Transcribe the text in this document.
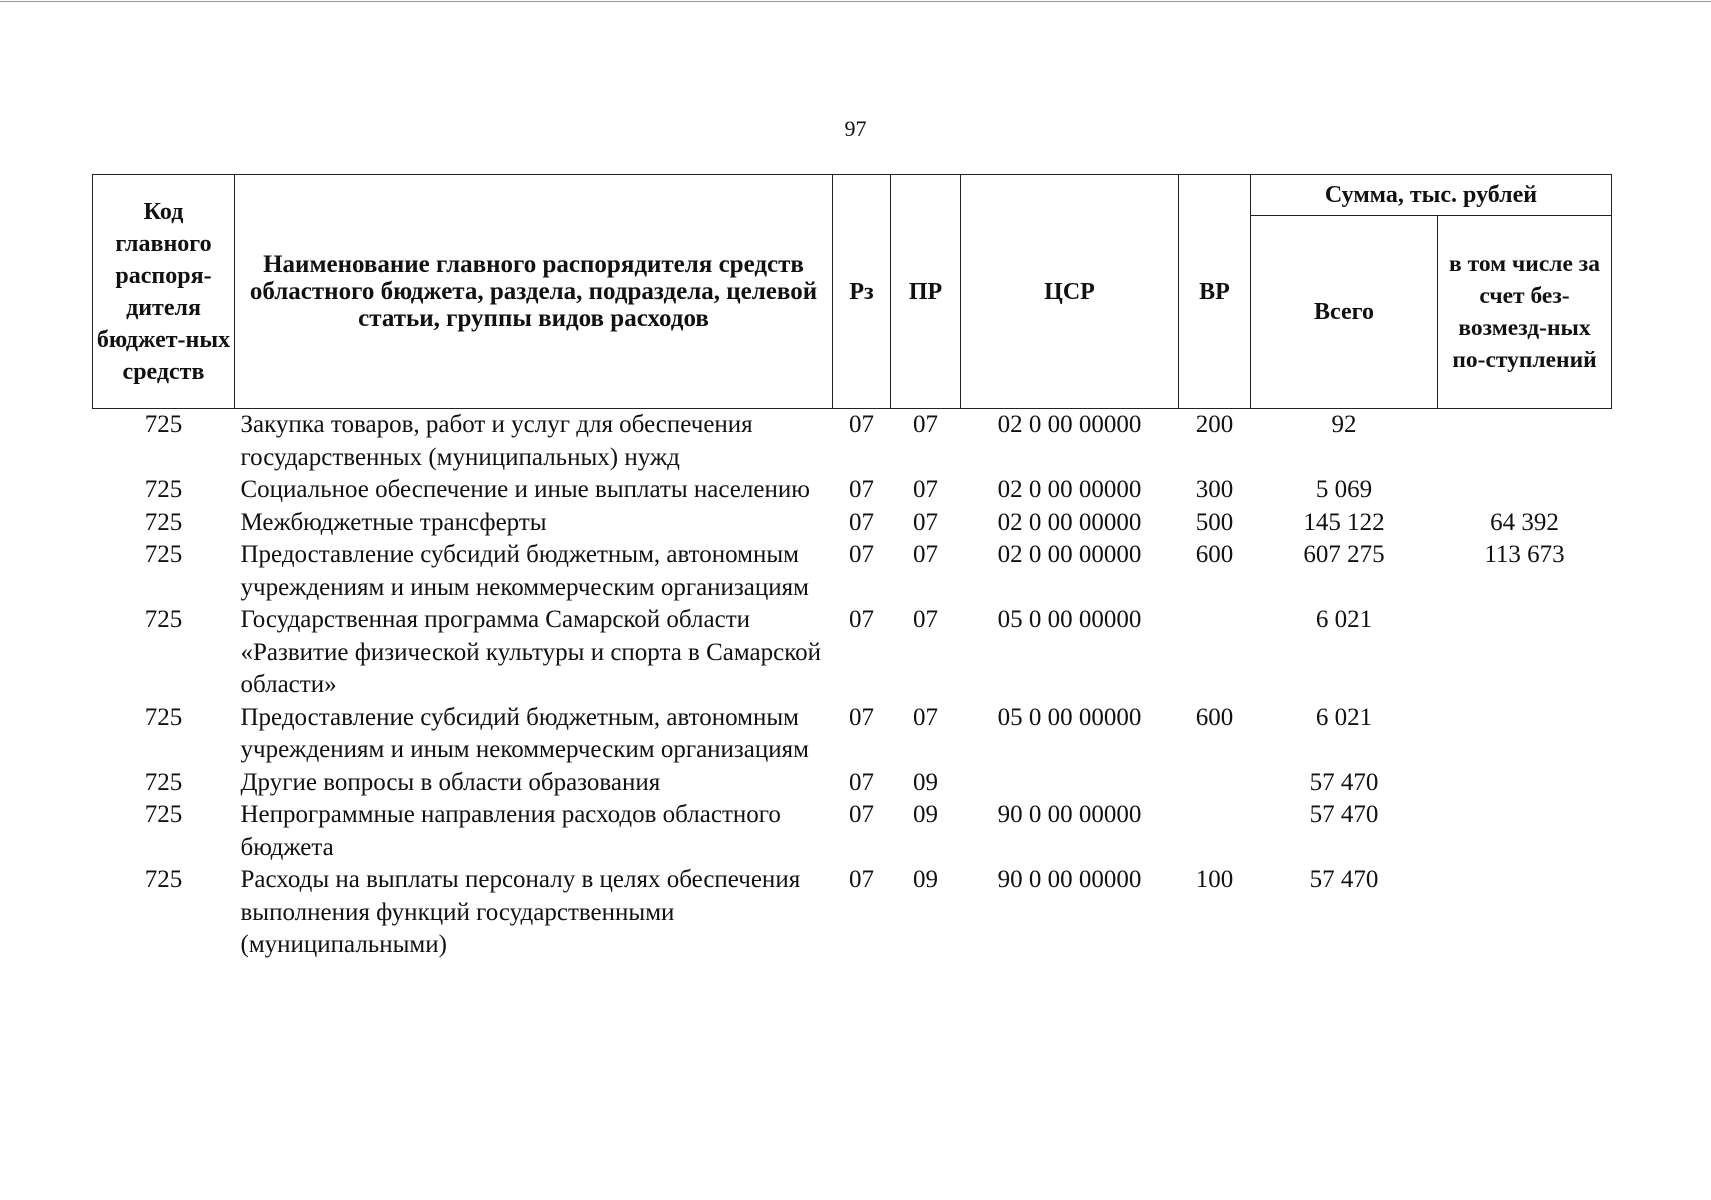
97
Код главного распоря-дителя бюджет-ных средств	Наименование главного распорядителя средств областного бюджета, раздела, подраздела, целевой статьи, группы видов расходов	Рз	ПР	ЦСР	ВР	Сумма, тыс. рублей	
						Всего	в том числе за счет без-возмезд-ных по-ступлений
725	Закупка товаров, работ и услуг для обеспечения государственных (муниципальных) нужд	07	07	02 0 00 00000	200	92	
725	Социальное обеспечение и иные выплаты населению	07	07	02 0 00 00000	300	5 069	
725	Межбюджетные трансферты	07	07	02 0 00 00000	500	145 122	64 392
725	Предоставление субсидий бюджетным, автономным учреждениям и иным некоммерческим организациям	07	07	02 0 00 00000	600	607 275	113 673
725	Государственная программа Самарской области «Развитие физической культуры и спорта в Самарской области»	07	07	05 0 00 00000		6 021	
725	Предоставление субсидий бюджетным, автономным учреждениям и иным некоммерческим организациям	07	07	05 0 00 00000	600	6 021	
725	Другие вопросы в области образования	07	09			57 470	
725	Непрограммные направления расходов областного бюджета	07	09	90 0 00 00000		57 470	
725	Расходы на выплаты персоналу в целях обеспечения выполнения функций государственными (муниципальными)	07	09	90 0 00 00000	100	57 470	
